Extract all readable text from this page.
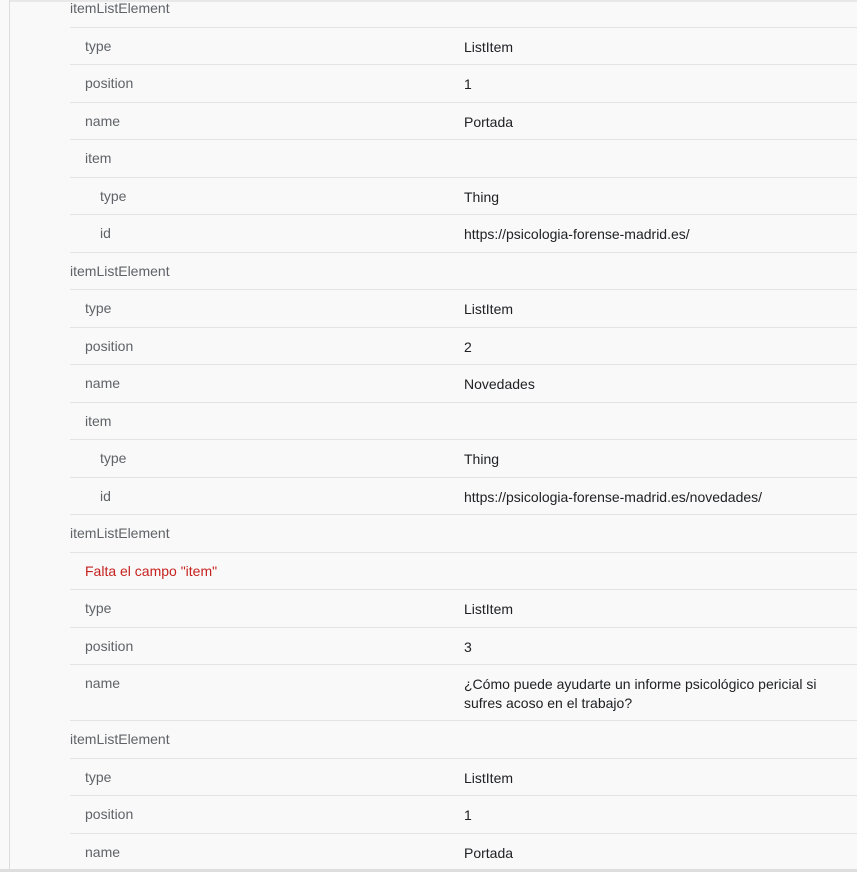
itemListElement
type	ListItem
position	1
name	Portada
item
type	Thing
id	https://psicologia-forense-madrid.es/
itemListElement
type	ListItem
position	2
name	Novedades
item
type	Thing
id	https://psicologia-forense-madrid.es/novedades/
itemListElement
Falta el campo "item"
type	ListItem
position	3
name	¿Cómo puede ayudarte un informe psicológico pericial si sufres acoso en el trabajo?
itemListElement
type	ListItem
position	1
name	Portada
